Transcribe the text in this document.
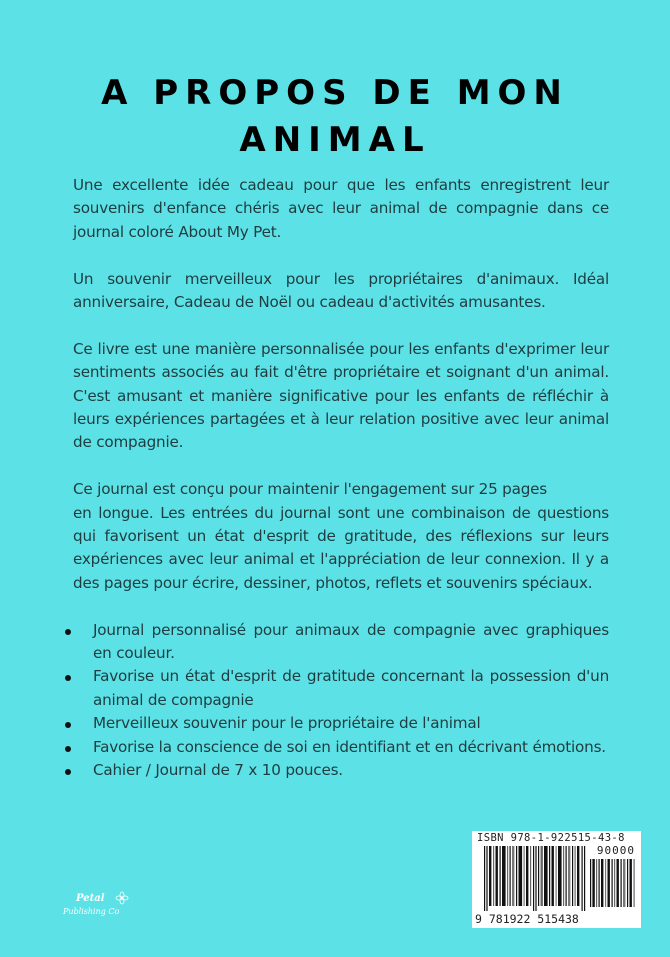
A PROPOS DE MON
ANIMAL

Une excellente idée cadeau pour que les enfants enregistrent leur souvenirs d'enfance chéris avec leur animal de compagnie dans ce journal coloré About My Pet.

Un souvenir merveilleux pour les propriétaires d'animaux. Idéal anniversaire, Cadeau de Noël ou cadeau d'activités amusantes.

Ce livre est une manière personnalisée pour les enfants d'exprimer leur sentiments associés au fait d'être propriétaire et soignant d'un animal. C'est amusant et manière significative pour les enfants de réfléchir à leurs expériences partagées et à leur relation positive avec leur animal de compagnie.

Ce journal est conçu pour maintenir l'engagement sur 25 pages
en longue. Les entrées du journal sont une combinaison de questions qui favorisent un état d'esprit de gratitude, des réflexions sur leurs expériences avec leur animal et l'appréciation de leur connexion. Il y a des pages pour écrire, dessiner, photos, reflets et souvenirs spéciaux.
Journal personnalisé pour animaux de compagnie avec graphiques en couleur.
Favorise un état d'esprit de gratitude concernant la possession d'un animal de compagnie
Merveilleux souvenir pour le propriétaire de l'animal
Favorise la conscience de soi en identifiant et en décrivant émotions.
Cahier / Journal de 7 x 10 pouces.
ISBN 978-1-922515-43-8
90000
9 781922 515438
Petal
Publishing Co
